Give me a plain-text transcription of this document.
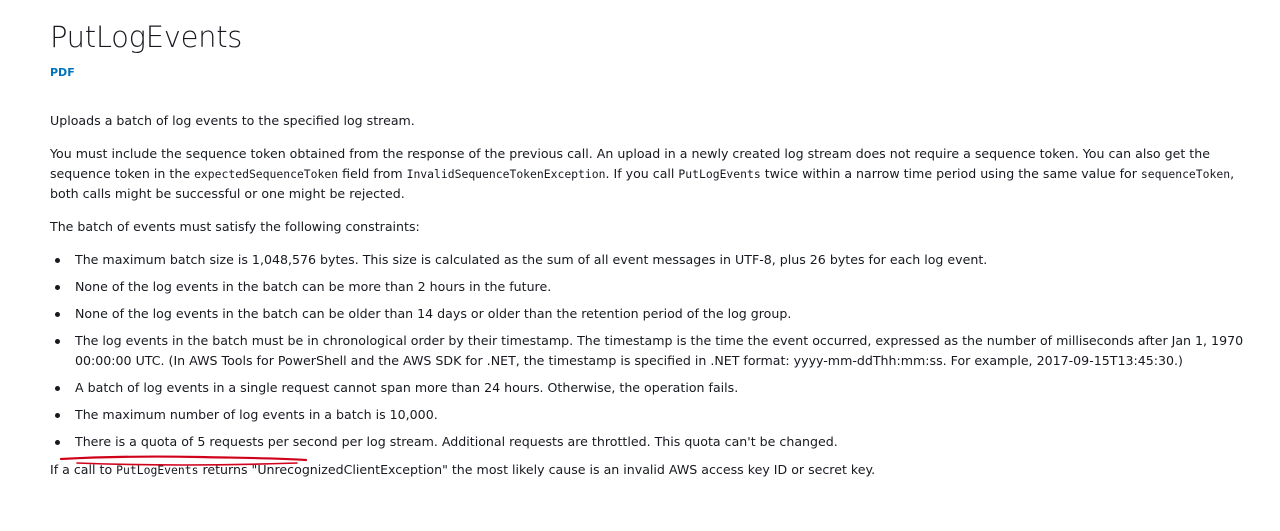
PutLogEvents
PDF

Uploads a batch of log events to the specified log stream.

You must include the sequence token obtained from the response of the previous call. An upload in a newly created log stream does not require a sequence token. You can also get the sequence token in the expectedSequenceToken field from InvalidSequenceTokenException. If you call PutLogEvents twice within a narrow time period using the same value for sequenceToken, both calls might be successful or one might be rejected.

The batch of events must satisfy the following constraints:

The maximum batch size is 1,048,576 bytes. This size is calculated as the sum of all event messages in UTF-8, plus 26 bytes for each log event.
None of the log events in the batch can be more than 2 hours in the future.
None of the log events in the batch can be older than 14 days or older than the retention period of the log group.
The log events in the batch must be in chronological order by their timestamp. The timestamp is the time the event occurred, expressed as the number of milliseconds after Jan 1, 1970 00:00:00 UTC. (In AWS Tools for PowerShell and the AWS SDK for .NET, the timestamp is specified in .NET format: yyyy-mm-ddThh:mm:ss. For example, 2017-09-15T13:45:30.)
A batch of log events in a single request cannot span more than 24 hours. Otherwise, the operation fails.
The maximum number of log events in a batch is 10,000.
There is a quota of 5 requests per second per log stream. Additional requests are throttled. This quota can't be changed.

If a call to PutLogEvents returns "UnrecognizedClientException" the most likely cause is an invalid AWS access key ID or secret key.
